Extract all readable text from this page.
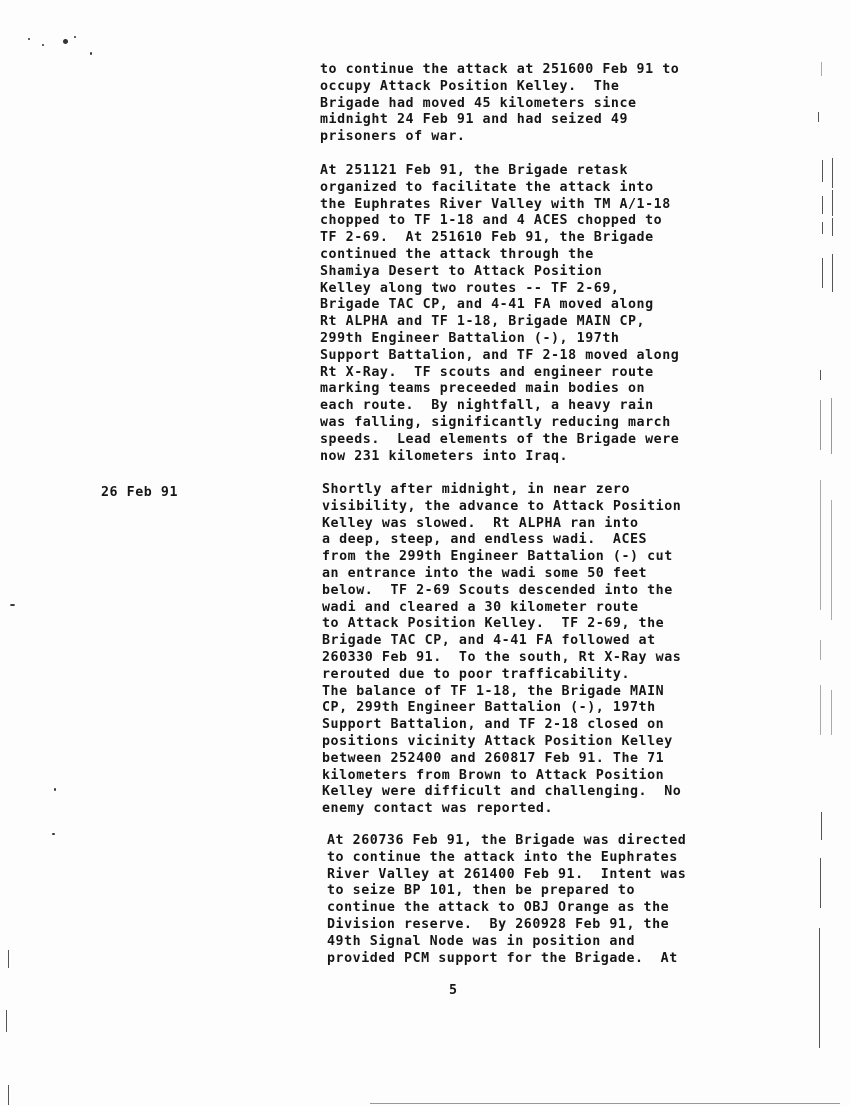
26 Feb 91
to continue the attack at 251600 Feb 91 to
occupy Attack Position Kelley.  The
Brigade had moved 45 kilometers since
midnight 24 Feb 91 and had seized 49
prisoners of war.
At 251121 Feb 91, the Brigade retask
organized to facilitate the attack into
the Euphrates River Valley with TM A/1-18
chopped to TF 1-18 and 4 ACES chopped to
TF 2-69.  At 251610 Feb 91, the Brigade
continued the attack through the
Shamiya Desert to Attack Position
Kelley along two routes -- TF 2-69,
Brigade TAC CP, and 4-41 FA moved along
Rt ALPHA and TF 1-18, Brigade MAIN CP,
299th Engineer Battalion (-), 197th
Support Battalion, and TF 2-18 moved along
Rt X-Ray.  TF scouts and engineer route
marking teams preceeded main bodies on
each route.  By nightfall, a heavy rain
was falling, significantly reducing march
speeds.  Lead elements of the Brigade were
now 231 kilometers into Iraq.
Shortly after midnight, in near zero
visibility, the advance to Attack Position
Kelley was slowed.  Rt ALPHA ran into
a deep, steep, and endless wadi.  ACES
from the 299th Engineer Battalion (-) cut
an entrance into the wadi some 50 feet
below.  TF 2-69 Scouts descended into the
wadi and cleared a 30 kilometer route
to Attack Position Kelley.  TF 2-69, the
Brigade TAC CP, and 4-41 FA followed at
260330 Feb 91.  To the south, Rt X-Ray was
rerouted due to poor trafficability.
The balance of TF 1-18, the Brigade MAIN
CP, 299th Engineer Battalion (-), 197th
Support Battalion, and TF 2-18 closed on
positions vicinity Attack Position Kelley
between 252400 and 260817 Feb 91. The 71
kilometers from Brown to Attack Position
Kelley were difficult and challenging.  No
enemy contact was reported.
At 260736 Feb 91, the Brigade was directed
to continue the attack into the Euphrates
River Valley at 261400 Feb 91.  Intent was
to seize BP 101, then be prepared to
continue the attack to OBJ Orange as the
Division reserve.  By 260928 Feb 91, the
49th Signal Node was in position and
provided PCM support for the Brigade.  At
5
